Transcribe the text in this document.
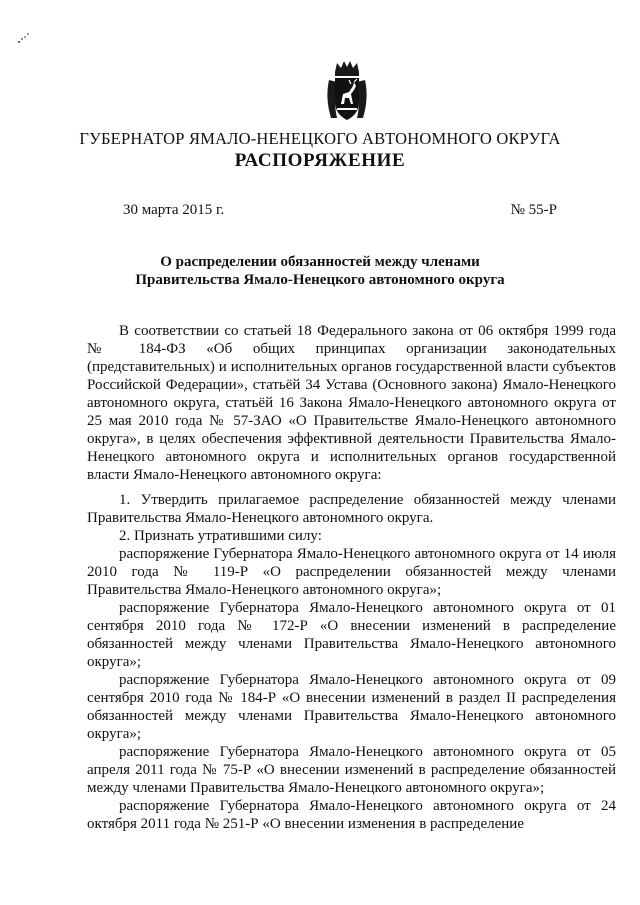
ГУБЕРНАТОР ЯМАЛО-НЕНЕЦКОГО АВТОНОМНОГО ОКРУГА
РАСПОРЯЖЕНИЕ
30 марта 2015 г.	№ 55-Р
О распределении обязанностей между членами
Правительства Ямало-Ненецкого автономного округа

В соответствии со статьей 18 Федерального закона от 06 октября 1999 года № 184-ФЗ «Об общих принципах организации законодательных (представительных) и исполнительных органов государственной власти субъектов Российской Федерации», статьёй 34 Устава (Основного закона) Ямало-Ненецкого автономного округа, статьёй 16 Закона Ямало-Ненецкого автономного округа от 25 мая 2010 года № 57-ЗАО «О Правительстве Ямало-Ненецкого автономного округа», в целях обеспечения эффективной деятельности Правительства Ямало-Ненецкого автономного округа и исполнительных органов государственной власти Ямало-Ненецкого автономного округа:

1. Утвердить прилагаемое распределение обязанностей между членами Правительства Ямало-Ненецкого автономного округа.

2. Признать утратившими силу:

распоряжение Губернатора Ямало-Ненецкого автономного округа от 14 июля 2010 года № 119-Р «О распределении обязанностей между членами Правительства Ямало-Ненецкого автономного округа»;

распоряжение Губернатора Ямало-Ненецкого автономного округа от 01 сентября 2010 года № 172-Р «О внесении изменений в распределение обязанностей между членами Правительства Ямало-Ненецкого автономного округа»;

распоряжение Губернатора Ямало-Ненецкого автономного округа от 09 сентября 2010 года № 184-Р «О внесении изменений в раздел II распределения обязанностей между членами Правительства Ямало-Ненецкого автономного округа»;

распоряжение Губернатора Ямало-Ненецкого автономного округа от 05 апреля 2011 года № 75-Р «О внесении изменений в распределение обязанностей между членами Правительства Ямало-Ненецкого автономного округа»;

распоряжение Губернатора Ямало-Ненецкого автономного округа от 24 октября 2011 года № 251-Р «О внесении изменения в распределение
